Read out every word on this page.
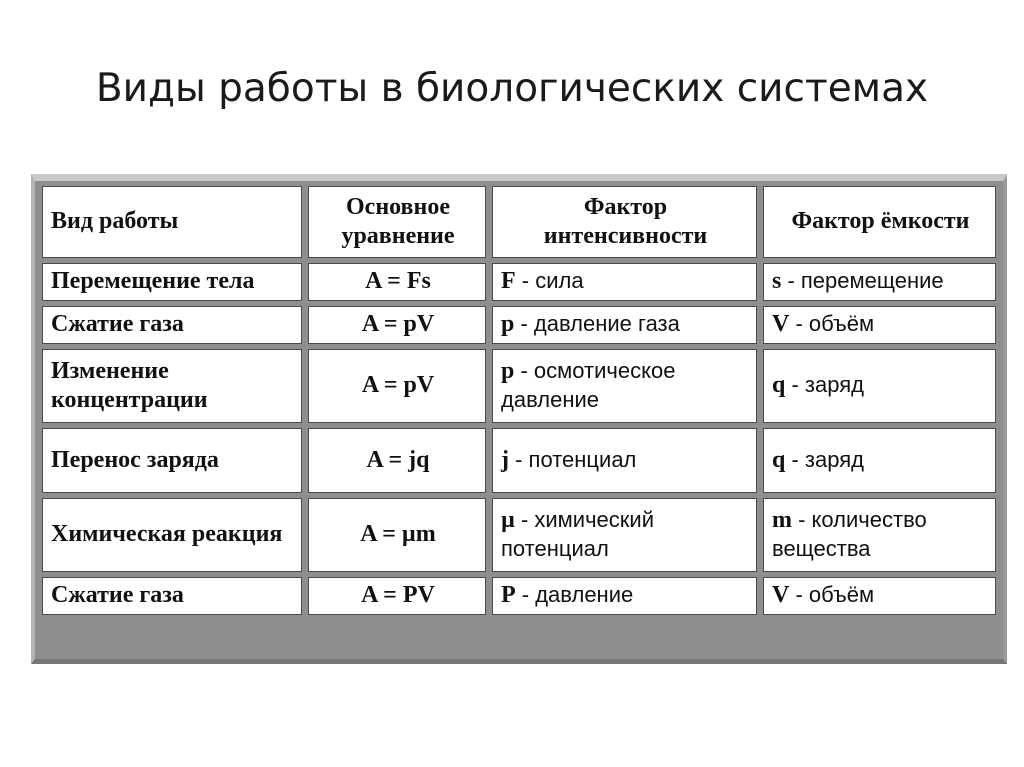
Виды работы в биологических системах
Вид работы	Основное уравнение	Фактор интенсивности	Фактор ёмкости
Перемещение тела	A = Fs	F - сила	s - перемещение
Сжатие газа	A = pV	p - давление газа	V - объём
Изменение концентрации	A = pV	p - осмотическое давление	q - заряд
Перенос заряда	A = jq	j - потенциал	q - заряд
Химическая реакция	A = µm	µ - химический потенциал	m - количество вещества
Сжатие газа	A = PV	P - давление	V - объём
